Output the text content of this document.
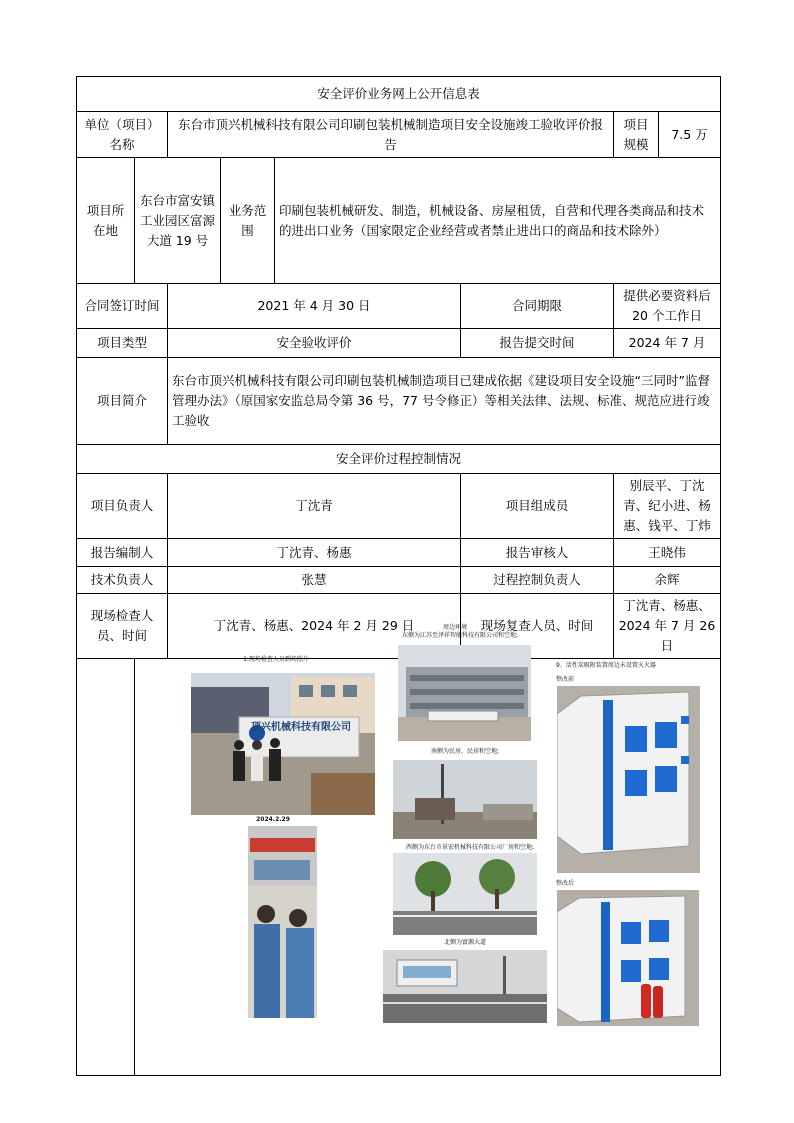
安全评价业务网上公开信息表							
单位（项目）名称		东台市顶兴机械科技有限公司印刷包装机械制造项目安全设施竣工验收评价报告				项目规模	7.5 万
项目所在地	东台市富安镇工业园区富源大道 19 号		业务范围	印刷包装机械研发、制造，机械设备、房屋租赁，自营和代理各类商品和技术的进出口业务（国家限定企业经营或者禁止进出口的商品和技术除外）			
合同签订时间		2021 年 4 月 30 日			合同期限	提供必要资料后 20 个工作日	
项目类型		安全验收评价			报告提交时间	2024 年 7 月	
项目简介		东台市顶兴机械科技有限公司印刷包装机械制造项目已建成依据《建设项目安全设施“三同时”监督管理办法》（原国家安监总局令第 36 号，77 号令修正）等相关法律、法规、标准、规范应进行竣工验收					
安全评价过程控制情况							
项目负责人		丁沈青			项目组成员	别辰平、丁沈青、纪小进、杨惠、钱平、丁炜	
报告编制人		丁沈青、杨惠			报告审核人	王晓伟	
技术负责人		张慧			过程控制负责人	余辉	
现场检查人员、时间		丁沈青、杨惠、2024 年 2 月 29 日			现场复查人员、时间	丁沈青、杨惠、2024 年 7 月 26 日	

1.现场检查人员到场照片
顶兴机械科技有限公司
2024.2.29
周边环境
东侧为江苏至泽祥智能科技有限公司和空地;
南侧为民房、民居和空地;
西侧为东台市景宏机械科技有限公司厂房和空地;
北侧为富源大道
9、活性炭吸附装置周边未设置灭火器
整改前
整改后
